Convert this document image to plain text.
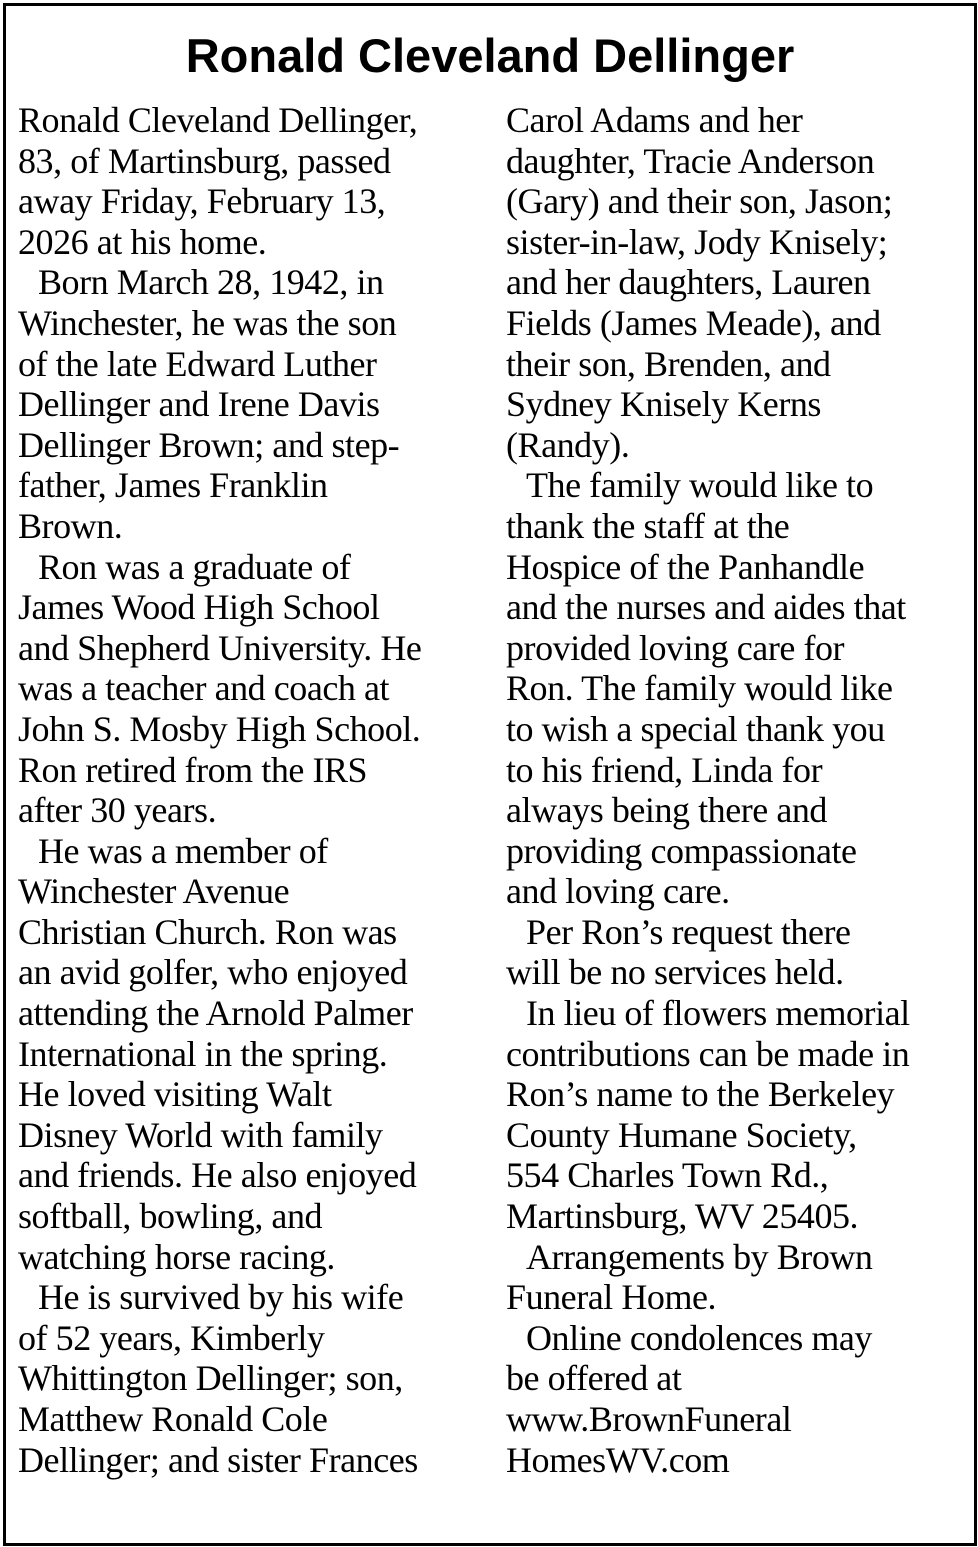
Ronald Cleveland Dellinger
Ronald Cleveland Dellinger,
83, of Martinsburg, passed
away Friday, February 13,
2026 at his home.
Born March 28, 1942, in
Winchester, he was the son
of the late Edward Luther
Dellinger and Irene Davis
Dellinger Brown; and step-
father, James Franklin
Brown.
Ron was a graduate of
James Wood High School
and Shepherd University. He
was a teacher and coach at
John S. Mosby High School.
Ron retired from the IRS
after 30 years.
He was a member of
Winchester Avenue
Christian Church. Ron was
an avid golfer, who enjoyed
attending the Arnold Palmer
International in the spring.
He loved visiting Walt
Disney World with family
and friends. He also enjoyed
softball, bowling, and
watching horse racing.
He is survived by his wife
of 52 years, Kimberly
Whittington Dellinger; son,
Matthew Ronald Cole
Dellinger; and sister Frances
Carol Adams and her
daughter, Tracie Anderson
(Gary) and their son, Jason;
sister-in-law, Jody Knisely;
and her daughters, Lauren
Fields (James Meade), and
their son, Brenden, and
Sydney Knisely Kerns
(Randy).
The family would like to
thank the staff at the
Hospice of the Panhandle
and the nurses and aides that
provided loving care for
Ron. The family would like
to wish a special thank you
to his friend, Linda for
always being there and
providing compassionate
and loving care.
Per Ron’s request there
will be no services held.
In lieu of flowers memorial
contributions can be made in
Ron’s name to the Berkeley
County Humane Society,
554 Charles Town Rd.,
Martinsburg, WV 25405.
Arrangements by Brown
Funeral Home.
Online condolences may
be offered at
www.BrownFuneral
HomesWV.com
